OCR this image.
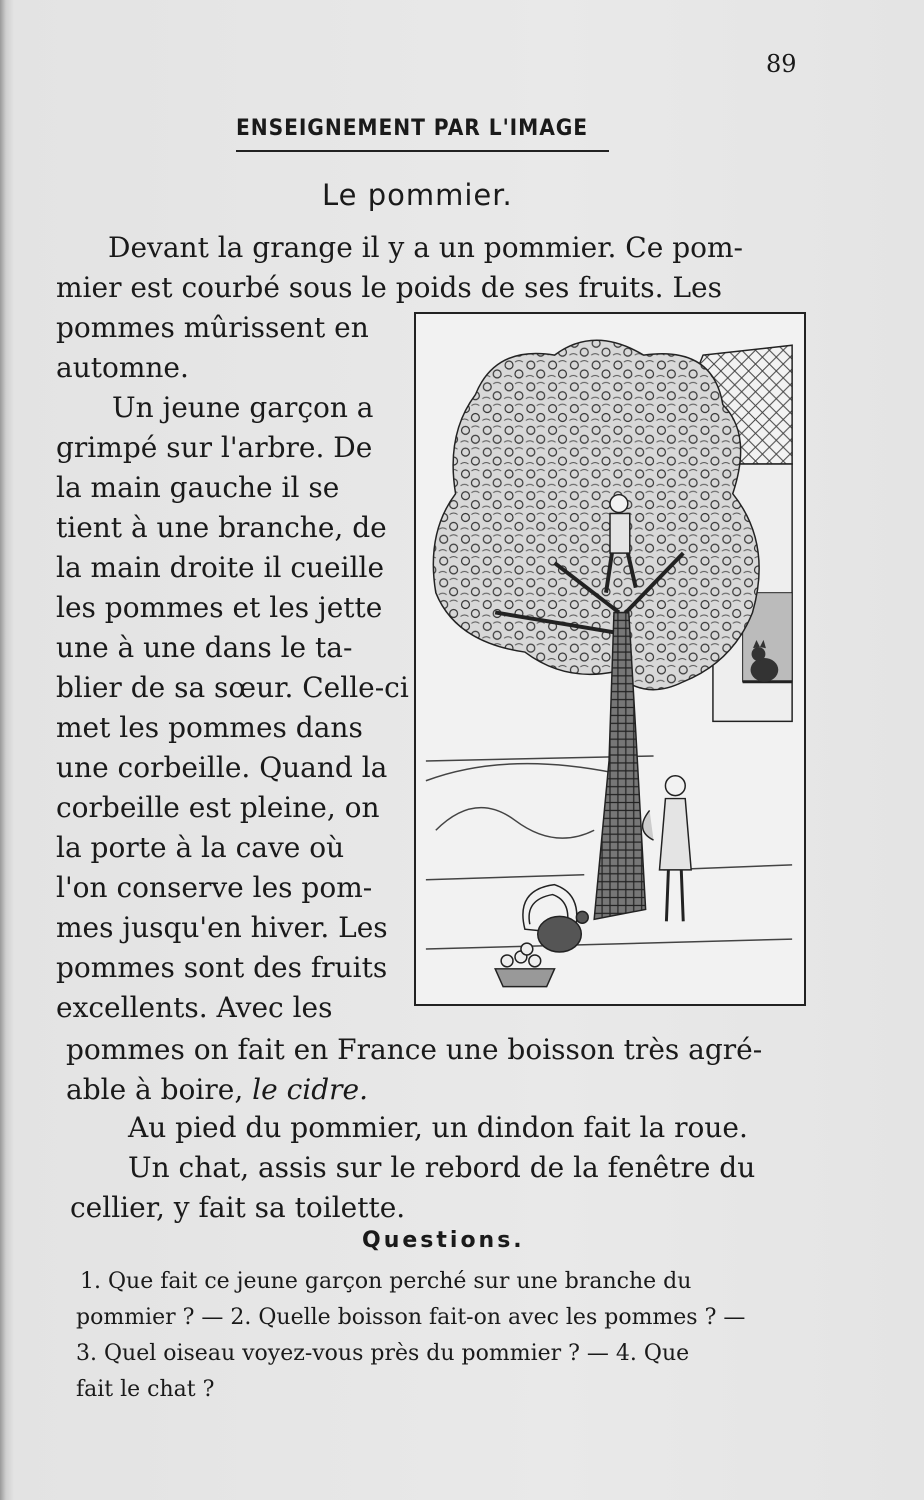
89
ENSEIGNEMENT PAR L'IMAGE
Le pommier.
Devant la grange il y a un pommier. Ce pom-
mier est courbé sous le poids de ses fruits. Les
pommes mûrissent en
automne.
Un jeune garçon a
grimpé sur l'arbre. De
la main gauche il se
tient à une branche, de
la main droite il cueille
les pommes et les jette
une à une dans le ta-
blier de sa sœur. Celle-ci
met les pommes dans
une corbeille. Quand la
corbeille est pleine, on
la porte à la cave où
l'on conserve les pom-
mes jusqu'en hiver. Les
pommes sont des fruits
excellents. Avec les
pommes on fait en France une boisson très agré-
able à boire, le cidre.
Au pied du pommier, un dindon fait la roue.
Un chat, assis sur le rebord de la fenêtre du
cellier, y fait sa toilette.
Questions.
1. Que fait ce jeune garçon perché sur une branche du
pommier ? — 2. Quelle boisson fait-on avec les pommes ? —
3. Quel oiseau voyez-vous près du pommier ? — 4. Que
fait le chat ?
